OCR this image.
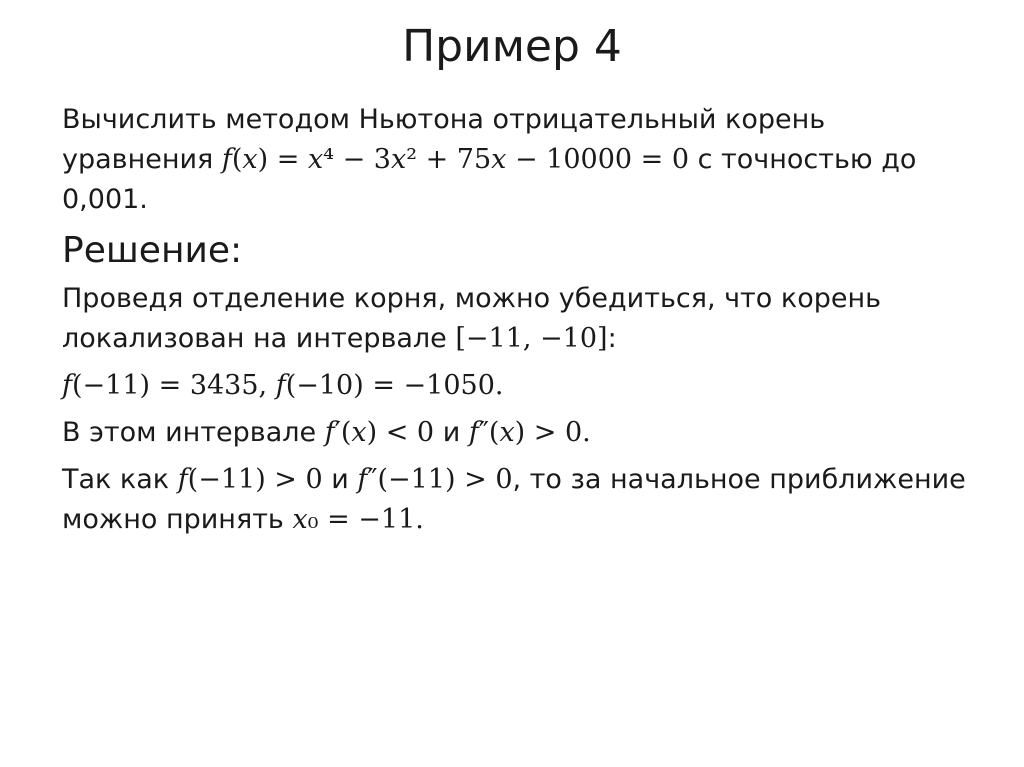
Пример 4

Вычислить методом Ньютона отрицательный корень уравнения 𝑓(𝑥) = 𝑥⁴ − 3𝑥² + 75𝑥 − 10000 = 0 с точностью до 0,001.

Решение:

Проведя отделение корня, можно убедиться, что корень локализован на интервале [−11, −10]:

𝑓(−11) = 3435, 𝑓(−10) = −1050.

В этом интервале 𝑓′(𝑥) < 0 и 𝑓″(𝑥) > 0.

Так как 𝑓(−11) > 0 и 𝑓″(−11) > 0, то за начальное приближение можно принять 𝑥₀ = −11.
